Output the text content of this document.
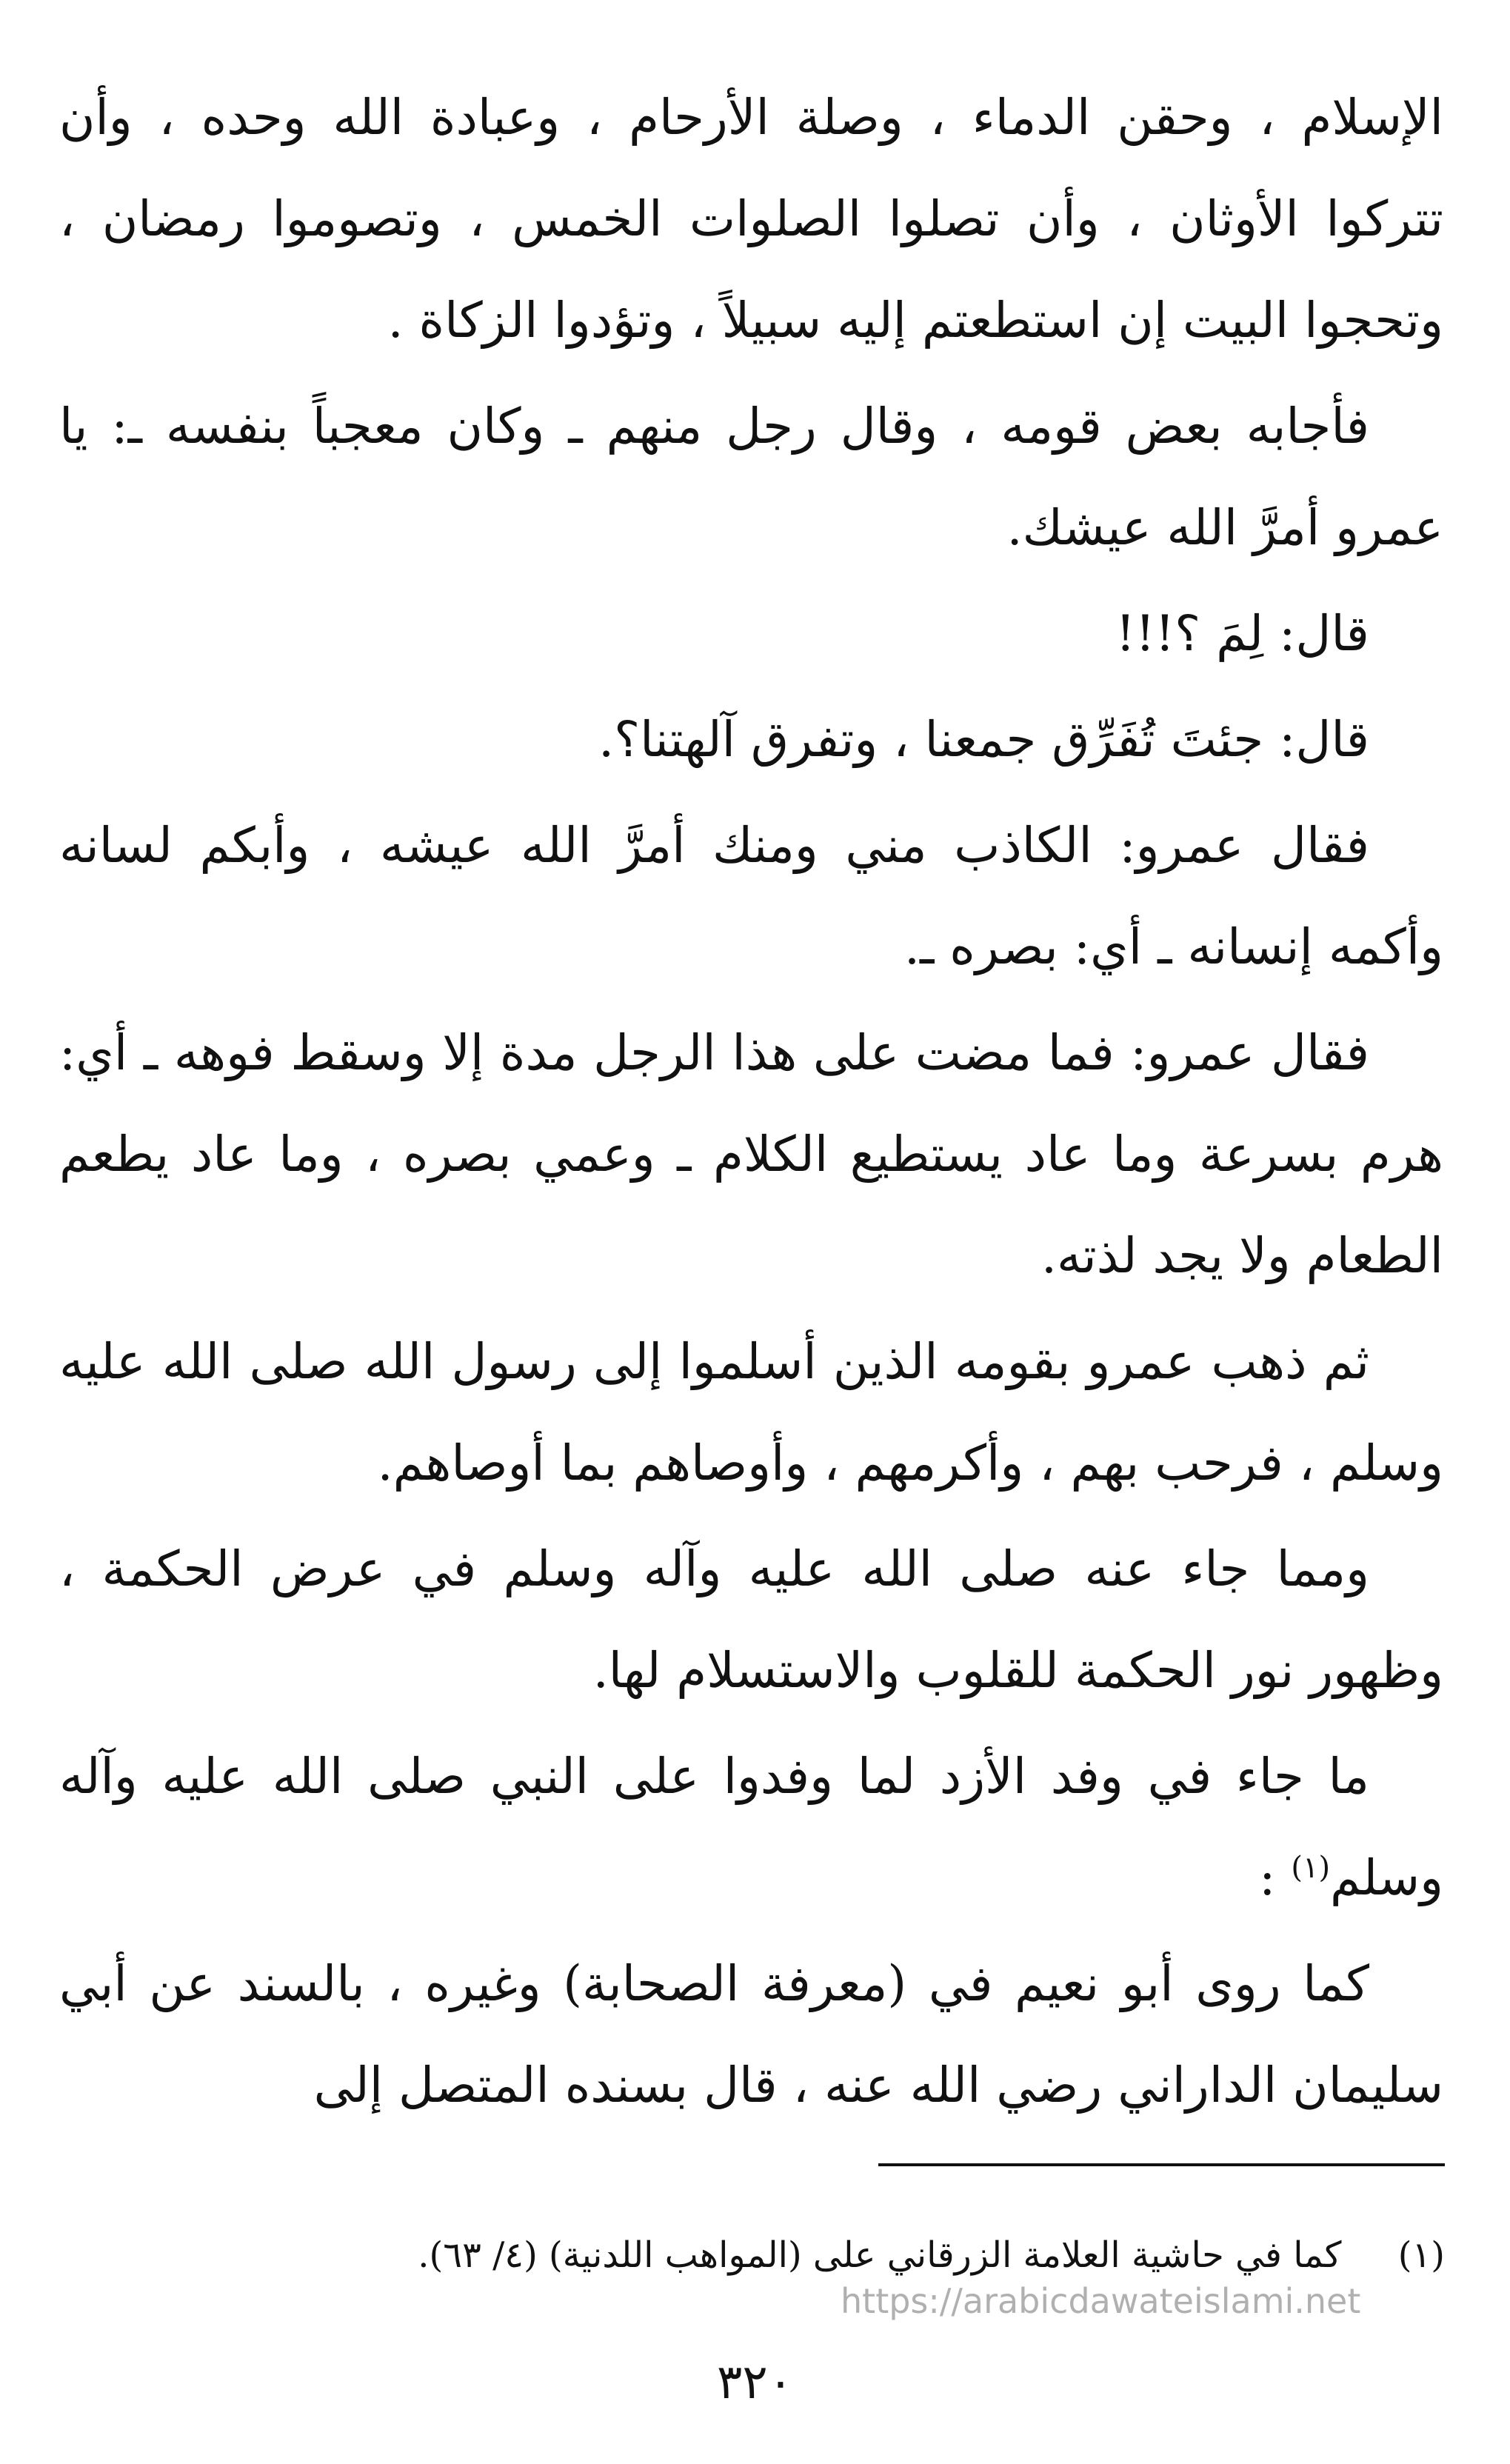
الإسلام ، وحقن الدماء ، وصلة الأرحام ، وعبادة الله وحده ، وأن تتركوا الأوثان ، وأن تصلوا الصلوات الخمس ، وتصوموا رمضان ، وتحجوا البيت إن استطعتم إليه سبيلاً ، وتؤدوا الزكاة .

فأجابه بعض قومه ، وقال رجل منهم ـ وكان معجباً بنفسه ـ: يا عمرو أمرَّ الله عيشك.

قال: لِمَ ؟!!!

قال: جئتَ تُفَرِّق جمعنا ، وتفرق آلهتنا؟.

فقال عمرو: الكاذب مني ومنك أمرَّ الله عيشه ، وأبكم لسانه وأكمه إنسانه ـ أي: بصره ـ.

فقال عمرو: فما مضت على هذا الرجل مدة إلا وسقط فوهه ـ أي: هرم بسرعة وما عاد يستطيع الكلام ـ وعمي بصره ، وما عاد يطعم الطعام ولا يجد لذته.

ثم ذهب عمرو بقومه الذين أسلموا إلى رسول الله صلى الله عليه وسلم ، فرحب بهم ، وأكرمهم ، وأوصاهم بما أوصاهم.

ومما جاء عنه صلى الله عليه وآله وسلم في عرض الحكمة ، وظهور نور الحكمة للقلوب والاستسلام لها.

ما جاء في وفد الأزد لما وفدوا على النبي صلى الله عليه وآله وسلم$^{(١)}$ :

كما روى أبو نعيم في (معرفة الصحابة) وغيره ، بالسند عن أبي سليمان الداراني رضي الله عنه ، قال بسنده المتصل إلى

(١)     كما في حاشية العلامة الزرقاني على (المواهب اللدنية) (٤/ ٦٣).
https://arabicdawateislami.net
٣٢٠
